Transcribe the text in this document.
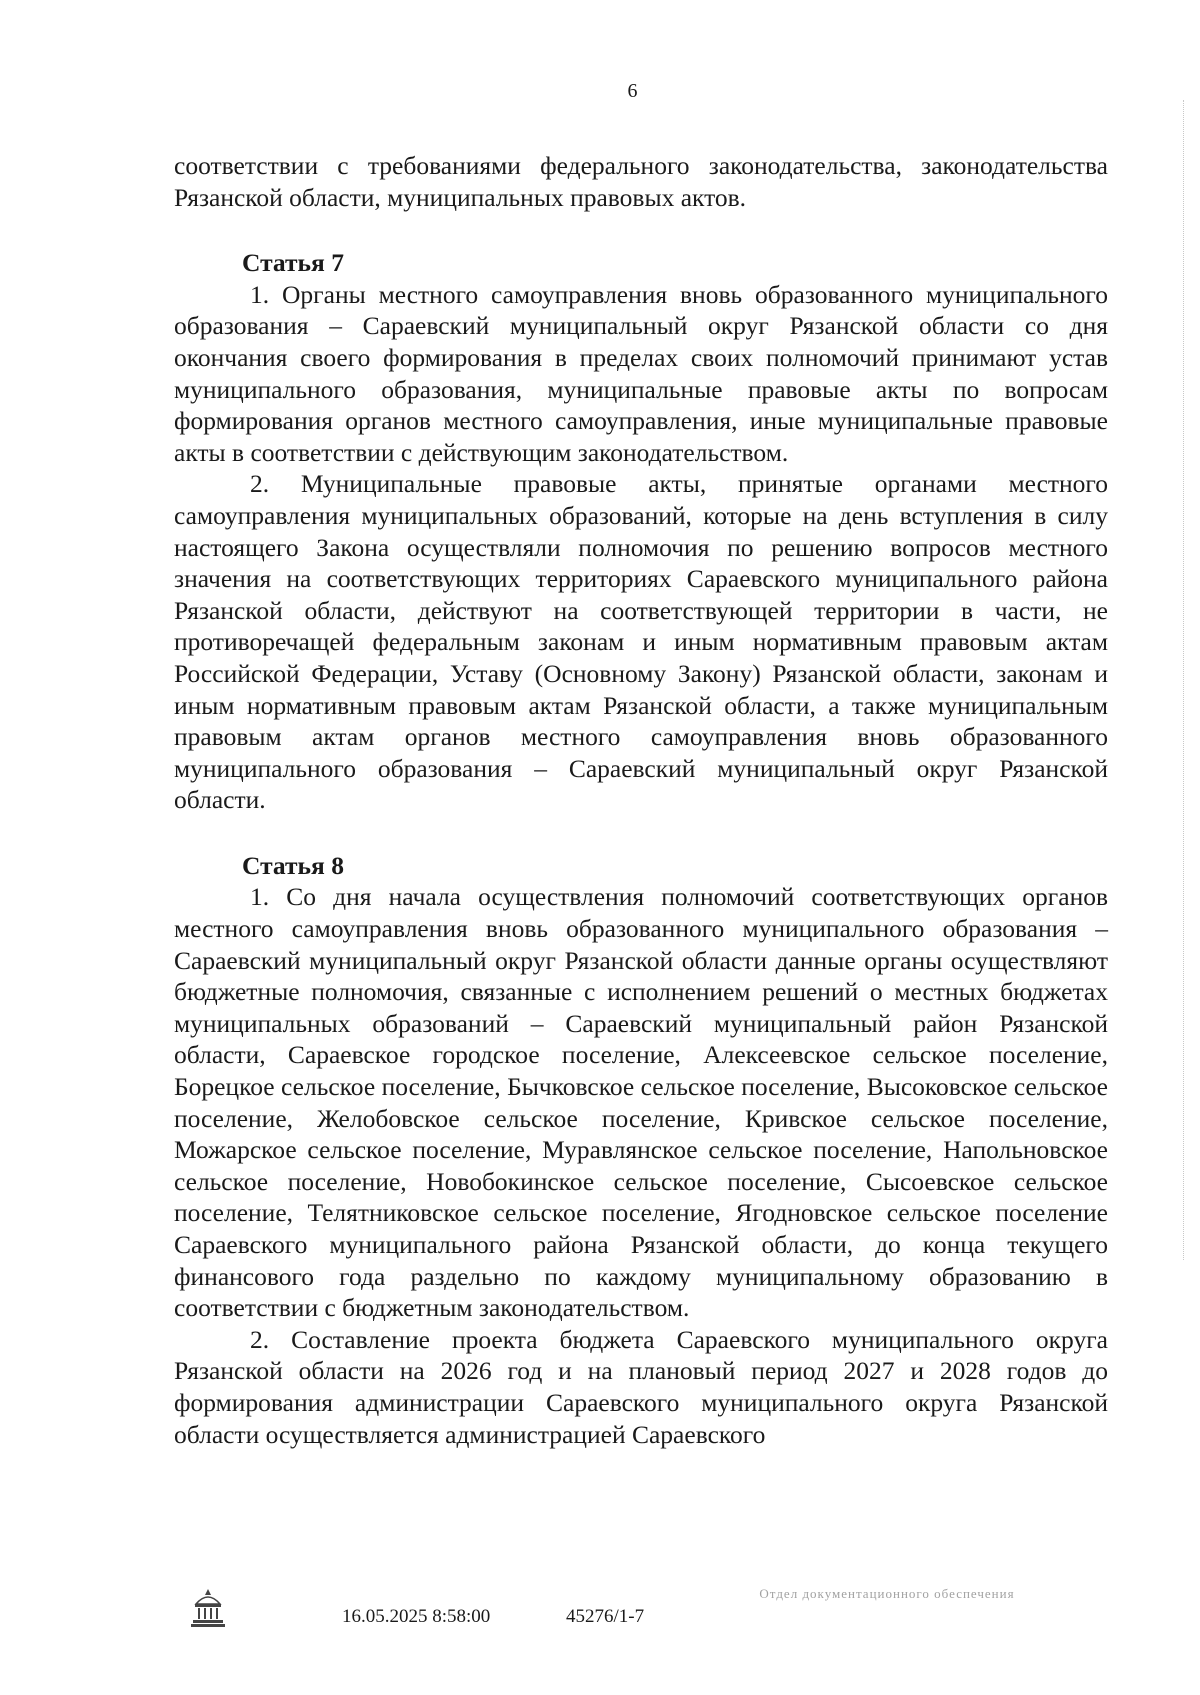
6

соответствии с требованиями федерального законодательства, законодательства Рязанской области, муниципальных правовых актов.

Статья 7

1. Органы местного самоуправления вновь образованного муниципального образования – Сараевский муниципальный округ Рязанской области со дня окончания своего формирования в пределах своих полномочий принимают устав муниципального образования, муниципальные правовые акты по вопросам формирования органов местного самоуправления, иные муниципальные правовые акты в соответствии с действующим законодательством.

2. Муниципальные правовые акты, принятые органами местного самоуправления муниципальных образований, которые на день вступления в силу настоящего Закона осуществляли полномочия по решению вопросов местного значения на соответствующих территориях Сараевского муниципального района Рязанской области, действуют на соответствующей территории в части, не противоречащей федеральным законам и иным нормативным правовым актам Российской Федерации, Уставу (Основному Закону) Рязанской области, законам и иным нормативным правовым актам Рязанской области, а также муниципальным правовым актам органов местного самоуправления вновь образованного муниципального образования – Сараевский муниципальный округ Рязанской области.

Статья 8

1. Со дня начала осуществления полномочий соответствующих органов местного самоуправления вновь образованного муниципального образования – Сараевский муниципальный округ Рязанской области данные органы осуществляют бюджетные полномочия, связанные с исполнением решений о местных бюджетах муниципальных образований – Сараевский муниципальный район Рязанской области, Сараевское городское поселение, Алексеевское сельское поселение, Борецкое сельское поселение, Бычковское сельское поселение, Высоковское сельское поселение, Желобовское сельское поселение, Кривское сельское поселение, Можарское сельское поселение, Муравлянское сельское поселение, Напольновское сельское поселение, Новобокинское сельское поселение, Сысоевское сельское поселение, Телятниковское сельское поселение, Ягодновское сельское поселение Сараевского муниципального района Рязанской области, до конца текущего финансового года раздельно по каждому муниципальному образованию в соответствии с бюджетным законодательством.

2. Составление проекта бюджета Сараевского муниципального округа Рязанской области на 2026 год и на плановый период 2027 и 2028 годов до формирования администрации Сараевского муниципального округа Рязанской области осуществляется администрацией Сараевского

16.05.2025 8:58:00	45276/1-7
Отдел документационного обеспечения
